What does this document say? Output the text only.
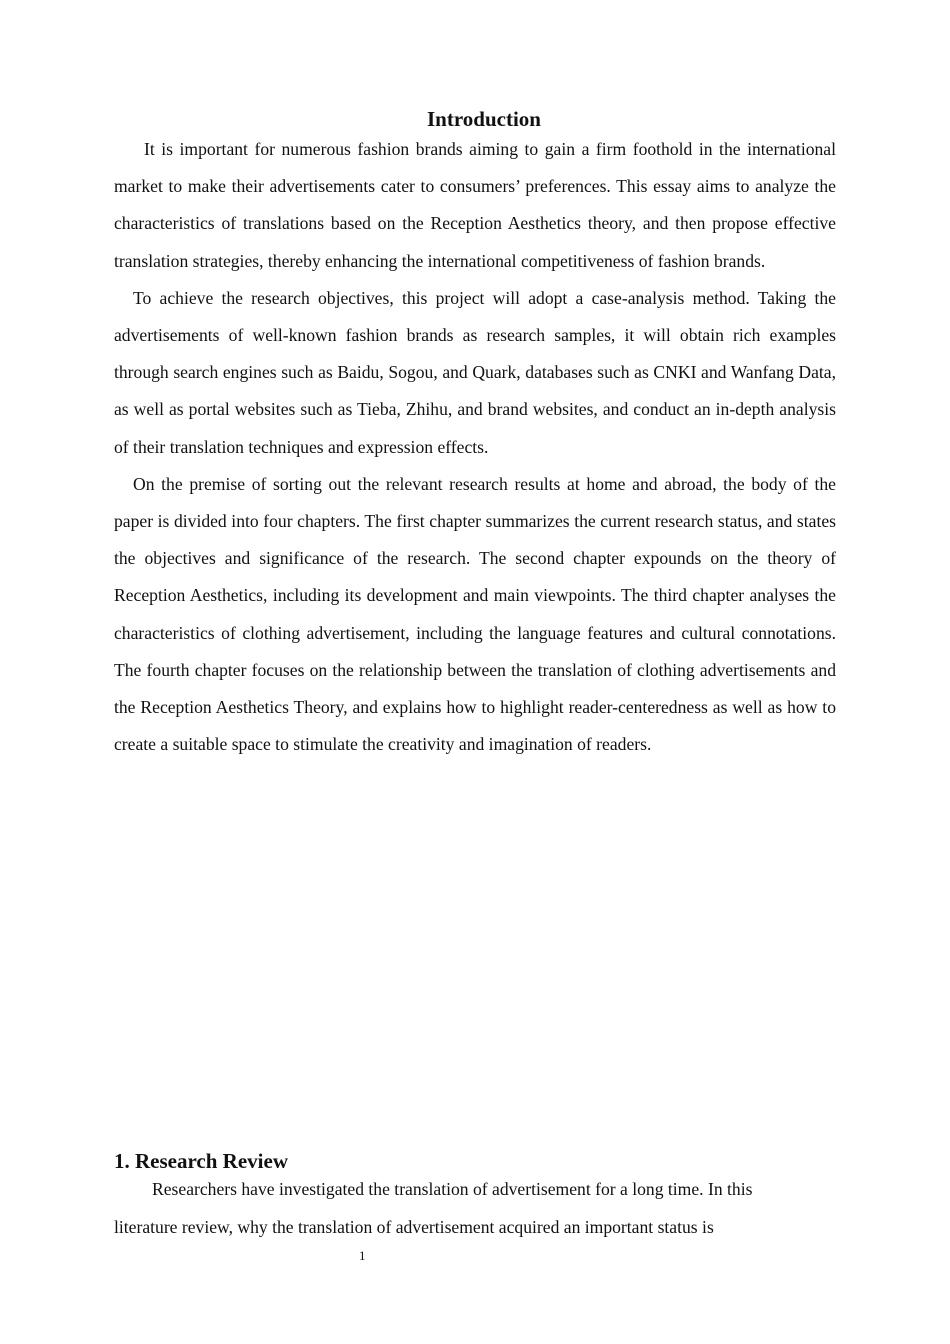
Introduction

It is important for numerous fashion brands aiming to gain a firm foothold in the international market to make their advertisements cater to consumers’ preferences. This essay aims to analyze the characteristics of translations based on the Reception Aesthetics theory, and then propose effective translation strategies, thereby enhancing the international competitiveness of fashion brands.

To achieve the research objectives, this project will adopt a case-analysis method. Taking the advertisements of well-known fashion brands as research samples, it will obtain rich examples through search engines such as Baidu, Sogou, and Quark, databases such as CNKI and Wanfang Data, as well as portal websites such as Tieba, Zhihu, and brand websites, and conduct an in-depth analysis of their translation techniques and expression effects.

On the premise of sorting out the relevant research results at home and abroad, the body of the paper is divided into four chapters. The first chapter summarizes the current research status, and states the objectives and significance of the research. The second chapter expounds on the theory of Reception Aesthetics, including its development and main viewpoints. The third chapter analyses the characteristics of clothing advertisement, including the language features and cultural connotations. The fourth chapter focuses on the relationship between the translation of clothing advertisements and the Reception Aesthetics Theory, and explains how to highlight reader-centeredness as well as how to create a suitable space to stimulate the creativity and imagination of readers.

1. Research Review

Researchers have investigated the translation of advertisement for a long time. In this
literature review, why the translation of advertisement acquired an important status is

1
